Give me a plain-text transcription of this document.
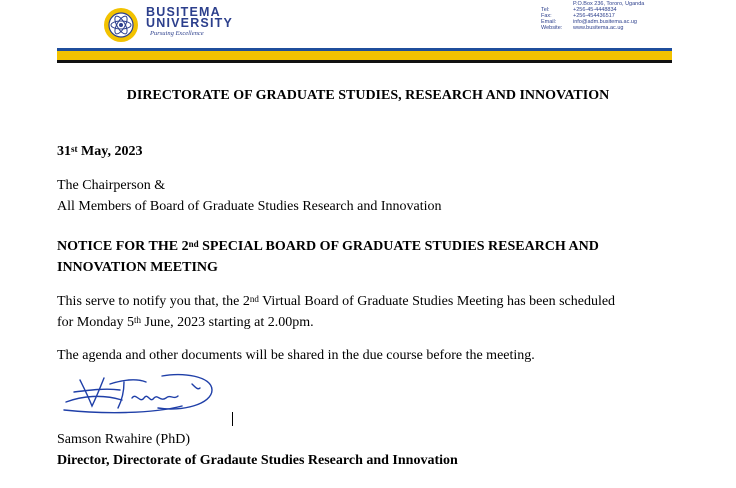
BUSITEMA
UNIVERSITY
Pursuing Excellence
P.O.Box 236, Tororo, Uganda
Tel:	+256-45-4448834
Fax:	+256-454436517
Email:	info@adm.busitema.ac.ug
Website:	www.busitema.ac.ug
DIRECTORATE OF GRADUATE STUDIES, RESEARCH AND INNOVATION
31st May, 2023
The Chairperson &
All Members of Board of Graduate Studies Research and Innovation
NOTICE FOR THE 2nd SPECIAL BOARD OF GRADUATE STUDIES RESEARCH AND
INNOVATION MEETING
This serve to notify you that, the 2nd Virtual Board of Graduate Studies Meeting has been scheduled
for Monday 5th June, 2023 starting at 2.00pm.
The agenda and other documents will be shared in the due course before the meeting.
Samson Rwahire (PhD)
Director, Directorate of Gradaute Studies Research and Innovation
